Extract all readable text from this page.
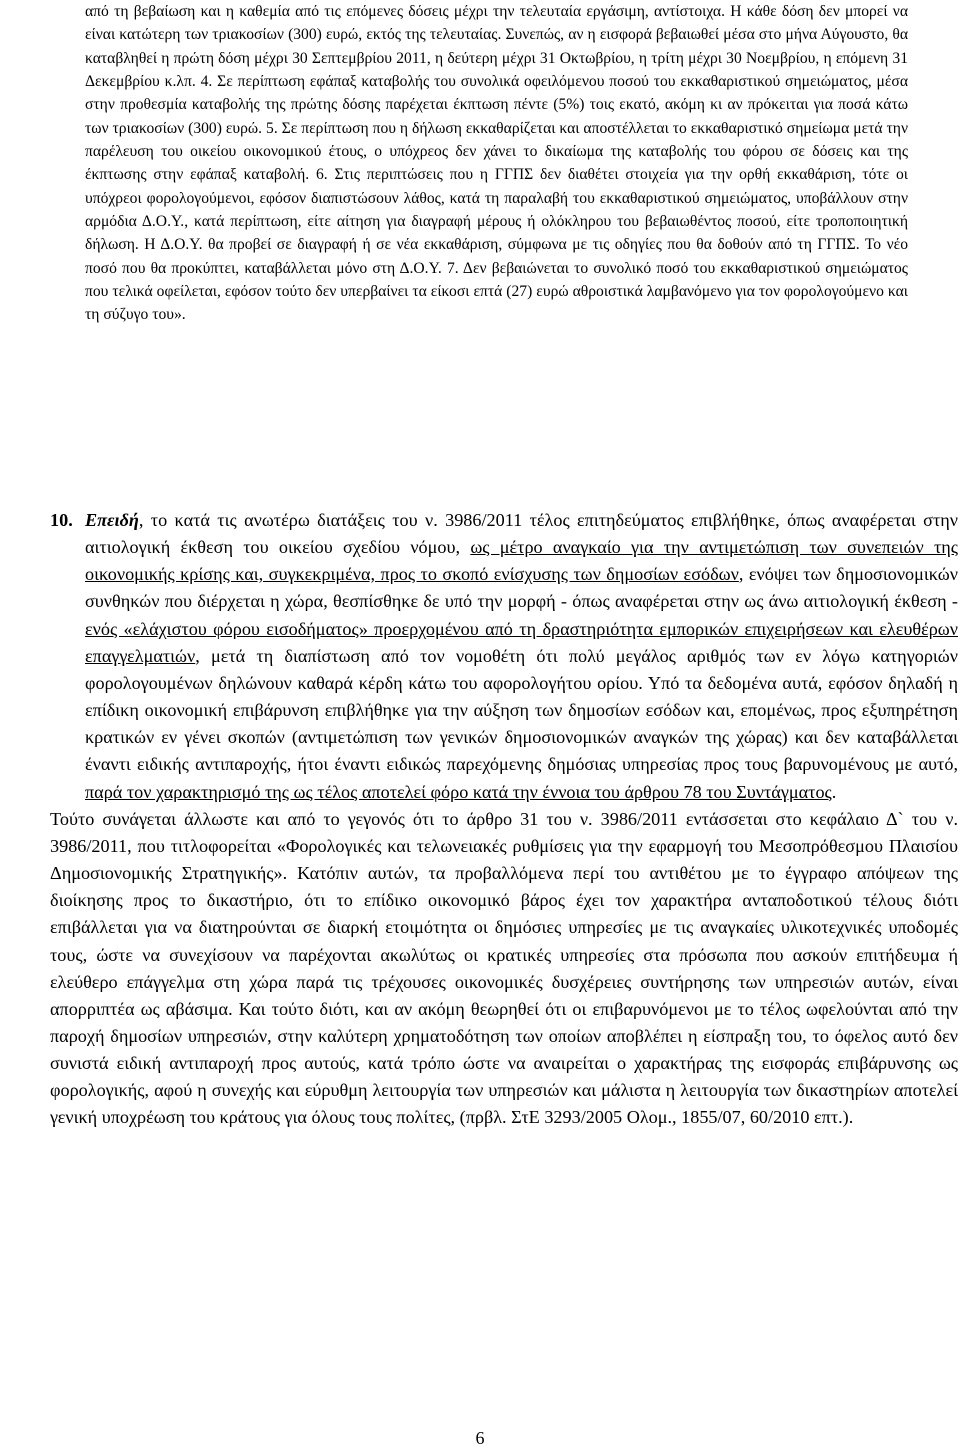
από τη βεβαίωση και η καθεμία από τις επόμενες δόσεις μέχρι την τελευταία εργάσιμη, αντίστοιχα. Η κάθε δόση δεν μπορεί να είναι κατώτερη των τριακοσίων (300) ευρώ, εκτός της τελευταίας. Συνεπώς, αν η εισφορά βεβαιωθεί μέσα στο μήνα Αύγουστο, θα καταβληθεί η πρώτη δόση μέχρι 30 Σεπτεμβρίου 2011, η δεύτερη μέχρι 31 Οκτωβρίου, η τρίτη μέχρι 30 Νοεμβρίου, η επόμενη 31 Δεκεμβρίου κ.λπ. 4. Σε περίπτωση εφάπαξ καταβολής του συνολικά οφειλόμενου ποσού του εκκαθαριστικού σημειώματος, μέσα στην προθεσμία καταβολής της πρώτης δόσης παρέχεται έκπτωση πέντε (5%) τοις εκατό, ακόμη κι αν πρόκειται για ποσά κάτω των τριακοσίων (300) ευρώ. 5. Σε περίπτωση που η δήλωση εκκαθαρίζεται και αποστέλλεται το εκκαθαριστικό σημείωμα μετά την παρέλευση του οικείου οικονομικού έτους, ο υπόχρεος δεν χάνει το δικαίωμα της καταβολής του φόρου σε δόσεις και της έκπτωσης στην εφάπαξ καταβολή. 6. Στις περιπτώσεις που η ΓΓΠΣ δεν διαθέτει στοιχεία για την ορθή εκκαθάριση, τότε οι υπόχρεοι φορολογούμενοι, εφόσον διαπιστώσουν λάθος, κατά τη παραλαβή του εκκαθαριστικού σημειώματος, υποβάλλουν στην αρμόδια Δ.Ο.Υ., κατά περίπτωση, είτε αίτηση για διαγραφή μέρους ή ολόκληρου του βεβαιωθέντος ποσού, είτε τροποποιητική δήλωση. Η Δ.Ο.Υ. θα προβεί σε διαγραφή ή σε νέα εκκαθάριση, σύμφωνα με τις οδηγίες που θα δοθούν από τη ΓΓΠΣ. Το νέο ποσό που θα προκύπτει, καταβάλλεται μόνο στη Δ.Ο.Υ. 7. Δεν βεβαιώνεται το συνολικό ποσό του εκκαθαριστικού σημειώματος που τελικά οφείλεται, εφόσον τούτο δεν υπερβαίνει τα είκοσι επτά (27) ευρώ αθροιστικά λαμβανόμενο για τον φορολογούμενο και τη σύζυγο του».

10. Επειδή, το κατά τις ανωτέρω διατάξεις του ν. 3986/2011 τέλος επιτηδεύματος επιβλήθηκε, όπως αναφέρεται στην αιτιολογική έκθεση του οικείου σχεδίου νόμου, ως μέτρο αναγκαίο για την αντιμετώπιση των συνεπειών της οικονομικής κρίσης και, συγκεκριμένα, προς το σκοπό ενίσχυσης των δημοσίων εσόδων, ενόψει των δημοσιονομικών συνθηκών που διέρχεται η χώρα, θεσπίσθηκε δε υπό την μορφή - όπως αναφέρεται στην ως άνω αιτιολογική έκθεση - ενός «ελάχιστου φόρου εισοδήματος» προερχομένου από τη δραστηριότητα εμπορικών επιχειρήσεων και ελευθέρων επαγγελματιών, μετά τη διαπίστωση από τον νομοθέτη ότι πολύ μεγάλος αριθμός των εν λόγω κατηγοριών φορολογουμένων δηλώνουν καθαρά κέρδη κάτω του αφορολογήτου ορίου. Υπό τα δεδομένα αυτά, εφόσον δηλαδή η επίδικη οικονομική επιβάρυνση επιβλήθηκε για την αύξηση των δημοσίων εσόδων και, επομένως, προς εξυπηρέτηση κρατικών εν γένει σκοπών (αντιμετώπιση των γενικών δημοσιονομικών αναγκών της χώρας) και δεν καταβάλλεται έναντι ειδικής αντιπαροχής, ήτοι έναντι ειδικώς παρεχόμενης δημόσιας υπηρεσίας προς τους βαρυνομένους με αυτό, παρά τον χαρακτηρισμό της ως τέλος αποτελεί φόρο κατά την έννοια του άρθρου 78 του Συντάγματος.

Τούτο συνάγεται άλλωστε και από το γεγονός ότι το άρθρο 31 του ν. 3986/2011 εντάσσεται στο κεφάλαιο Δ` του ν. 3986/2011, που τιτλοφορείται «Φορολογικές και τελωνειακές ρυθμίσεις για την εφαρμογή του Μεσοπρόθεσμου Πλαισίου Δημοσιονομικής Στρατηγικής». Κατόπιν αυτών, τα προβαλλόμενα περί του αντιθέτου με το έγγραφο απόψεων της διοίκησης προς το δικαστήριο, ότι το επίδικο οικονομικό βάρος έχει τον χαρακτήρα ανταποδοτικού τέλους διότι επιβάλλεται για να διατηρούνται σε διαρκή ετοιμότητα οι δημόσιες υπηρεσίες με τις αναγκαίες υλικοτεχνικές υποδομές τους, ώστε να συνεχίσουν να παρέχονται ακωλύτως οι κρατικές υπηρεσίες στα πρόσωπα που ασκούν επιτήδευμα ή ελεύθερο επάγγελμα στη χώρα παρά τις τρέχουσες οικονομικές δυσχέρειες συντήρησης των υπηρεσιών αυτών, είναι απορριπτέα ως αβάσιμα. Και τούτο διότι, και αν ακόμη θεωρηθεί ότι οι επιβαρυνόμενοι με το τέλος ωφελούνται από την παροχή δημοσίων υπηρεσιών, στην καλύτερη χρηματοδότηση των οποίων αποβλέπει η είσπραξη του, το όφελος αυτό δεν συνιστά ειδική αντιπαροχή προς αυτούς, κατά τρόπο ώστε να αναιρείται ο χαρακτήρας της εισφοράς επιβάρυνσης ως φορολογικής, αφού η συνεχής και εύρυθμη λειτουργία των υπηρεσιών και μάλιστα η λειτουργία των δικαστηρίων αποτελεί γενική υποχρέωση του κράτους για όλους τους πολίτες, (πρβλ. ΣτΕ 3293/2005 Ολομ., 1855/07, 60/2010 επτ.).

6
